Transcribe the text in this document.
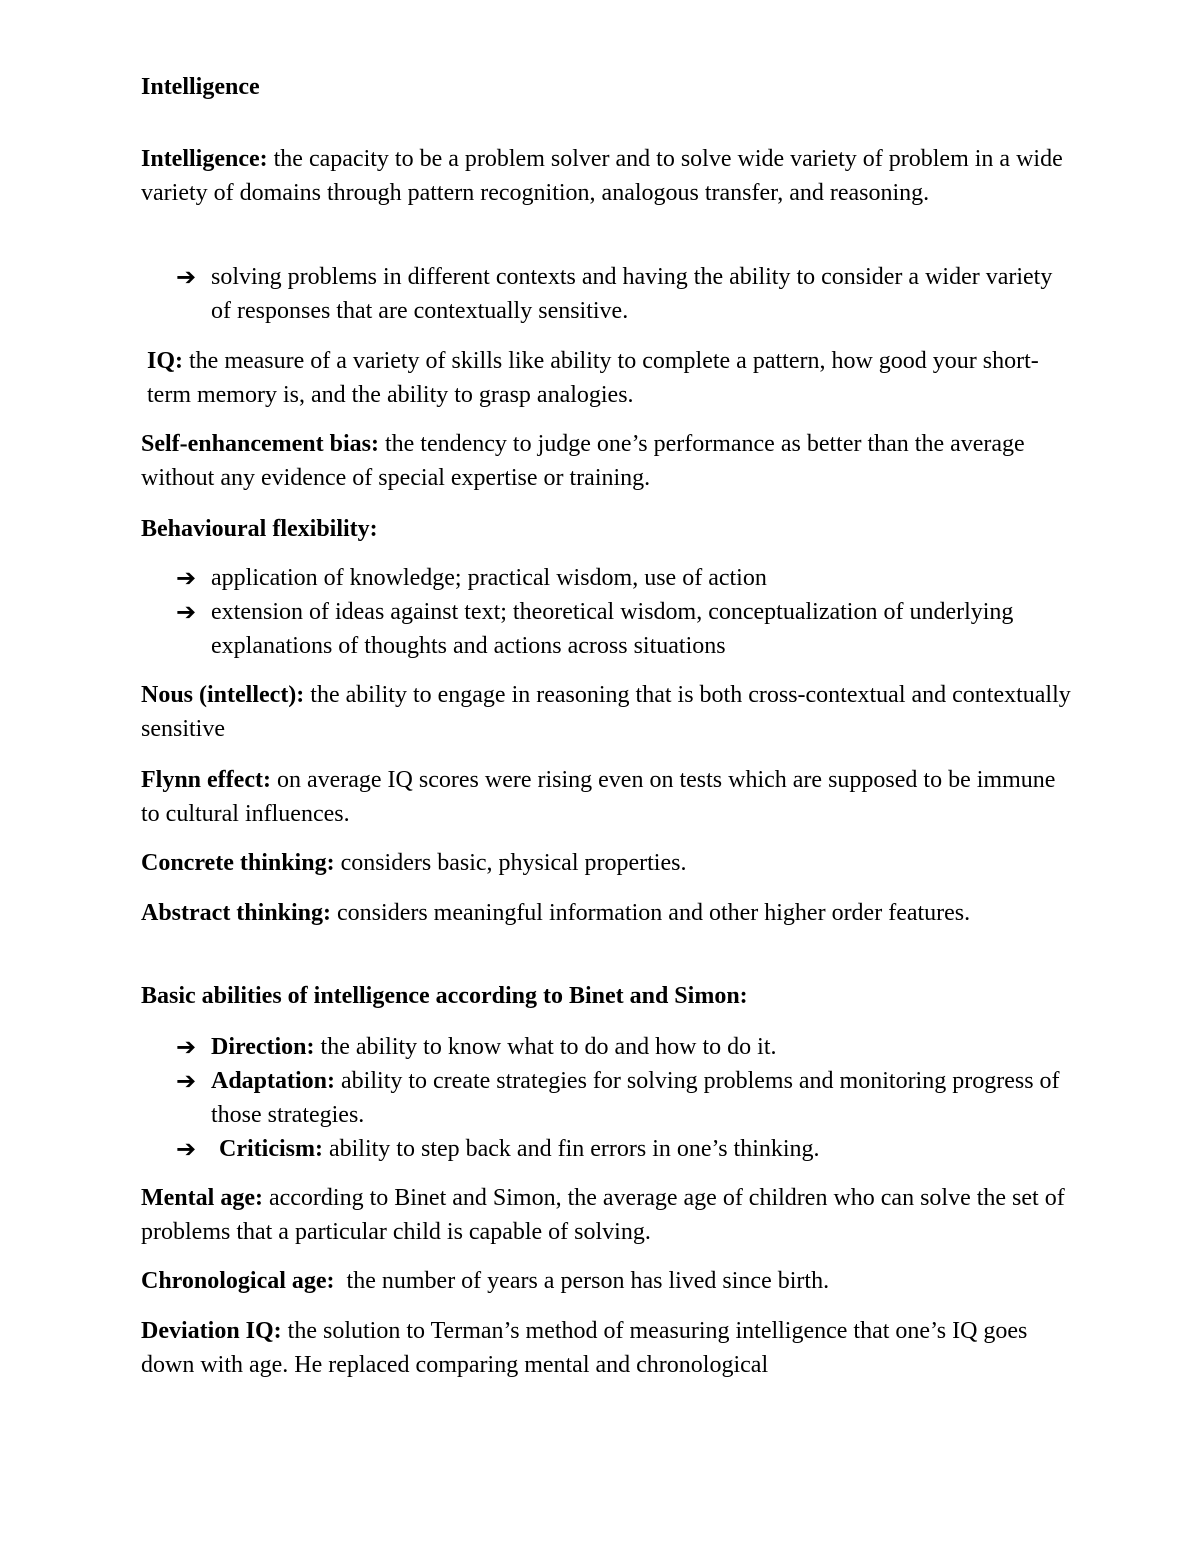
Intelligence

Intelligence: the capacity to be a problem solver and to solve wide variety of problem in a wide variety of domains through pattern recognition, analogous transfer, and reasoning.

➔ solving problems in different contexts and having the ability to consider a wider variety of responses that are contextually sensitive.

IQ: the measure of a variety of skills like ability to complete a pattern, how good your short-term memory is, and the ability to grasp analogies.

Self-enhancement bias: the tendency to judge one’s performance as better than the average without any evidence of special expertise or training.

Behavioural flexibility:

➔ application of knowledge; practical wisdom, use of action

➔ extension of ideas against text; theoretical wisdom, conceptualization of underlying explanations of thoughts and actions across situations

Nous (intellect): the ability to engage in reasoning that is both cross-contextual and contextually sensitive

Flynn effect: on average IQ scores were rising even on tests which are supposed to be immune to cultural influences.

Concrete thinking: considers basic, physical properties.

Abstract thinking: considers meaningful information and other higher order features.

Basic abilities of intelligence according to Binet and Simon:

➔ Direction: the ability to know what to do and how to do it.

➔ Adaptation: ability to create strategies for solving problems and monitoring progress of those strategies.

➔ Criticism: ability to step back and fin errors in one’s thinking.

Mental age: according to Binet and Simon, the average age of children who can solve the set of problems that a particular child is capable of solving.

Chronological age:  the number of years a person has lived since birth.

Deviation IQ: the solution to Terman’s method of measuring intelligence that one’s IQ goes down with age. He replaced comparing mental and chronological
